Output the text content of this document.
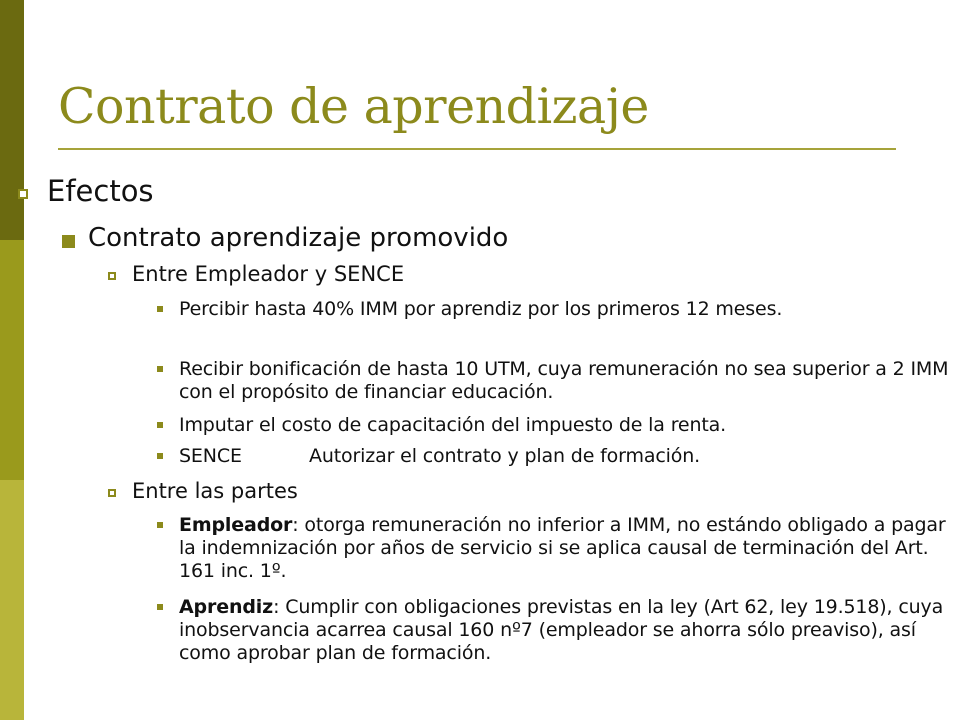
Contrato de aprendizaje
Efectos
Contrato aprendizaje promovido
Entre Empleador y SENCE
Percibir hasta 40% IMM por aprendiz por los primeros 12 meses.
Recibir bonificación de hasta 10 UTM, cuya remuneración no sea superior a 2 IMM con el propósito de financiar educación.
Imputar el costo de capacitación del impuesto de la renta.
SENCE	Autorizar el contrato y plan de formación.
Entre las partes
Empleador: otorga remuneración no inferior a IMM, no estándo obligado a pagar la indemnización por años de servicio si se aplica causal de terminación del Art. 161 inc. 1º.
Aprendiz: Cumplir con obligaciones previstas en la ley (Art 62, ley 19.518), cuya inobservancia acarrea causal 160 nº7 (empleador se ahorra sólo preaviso), así como aprobar plan de formación.
